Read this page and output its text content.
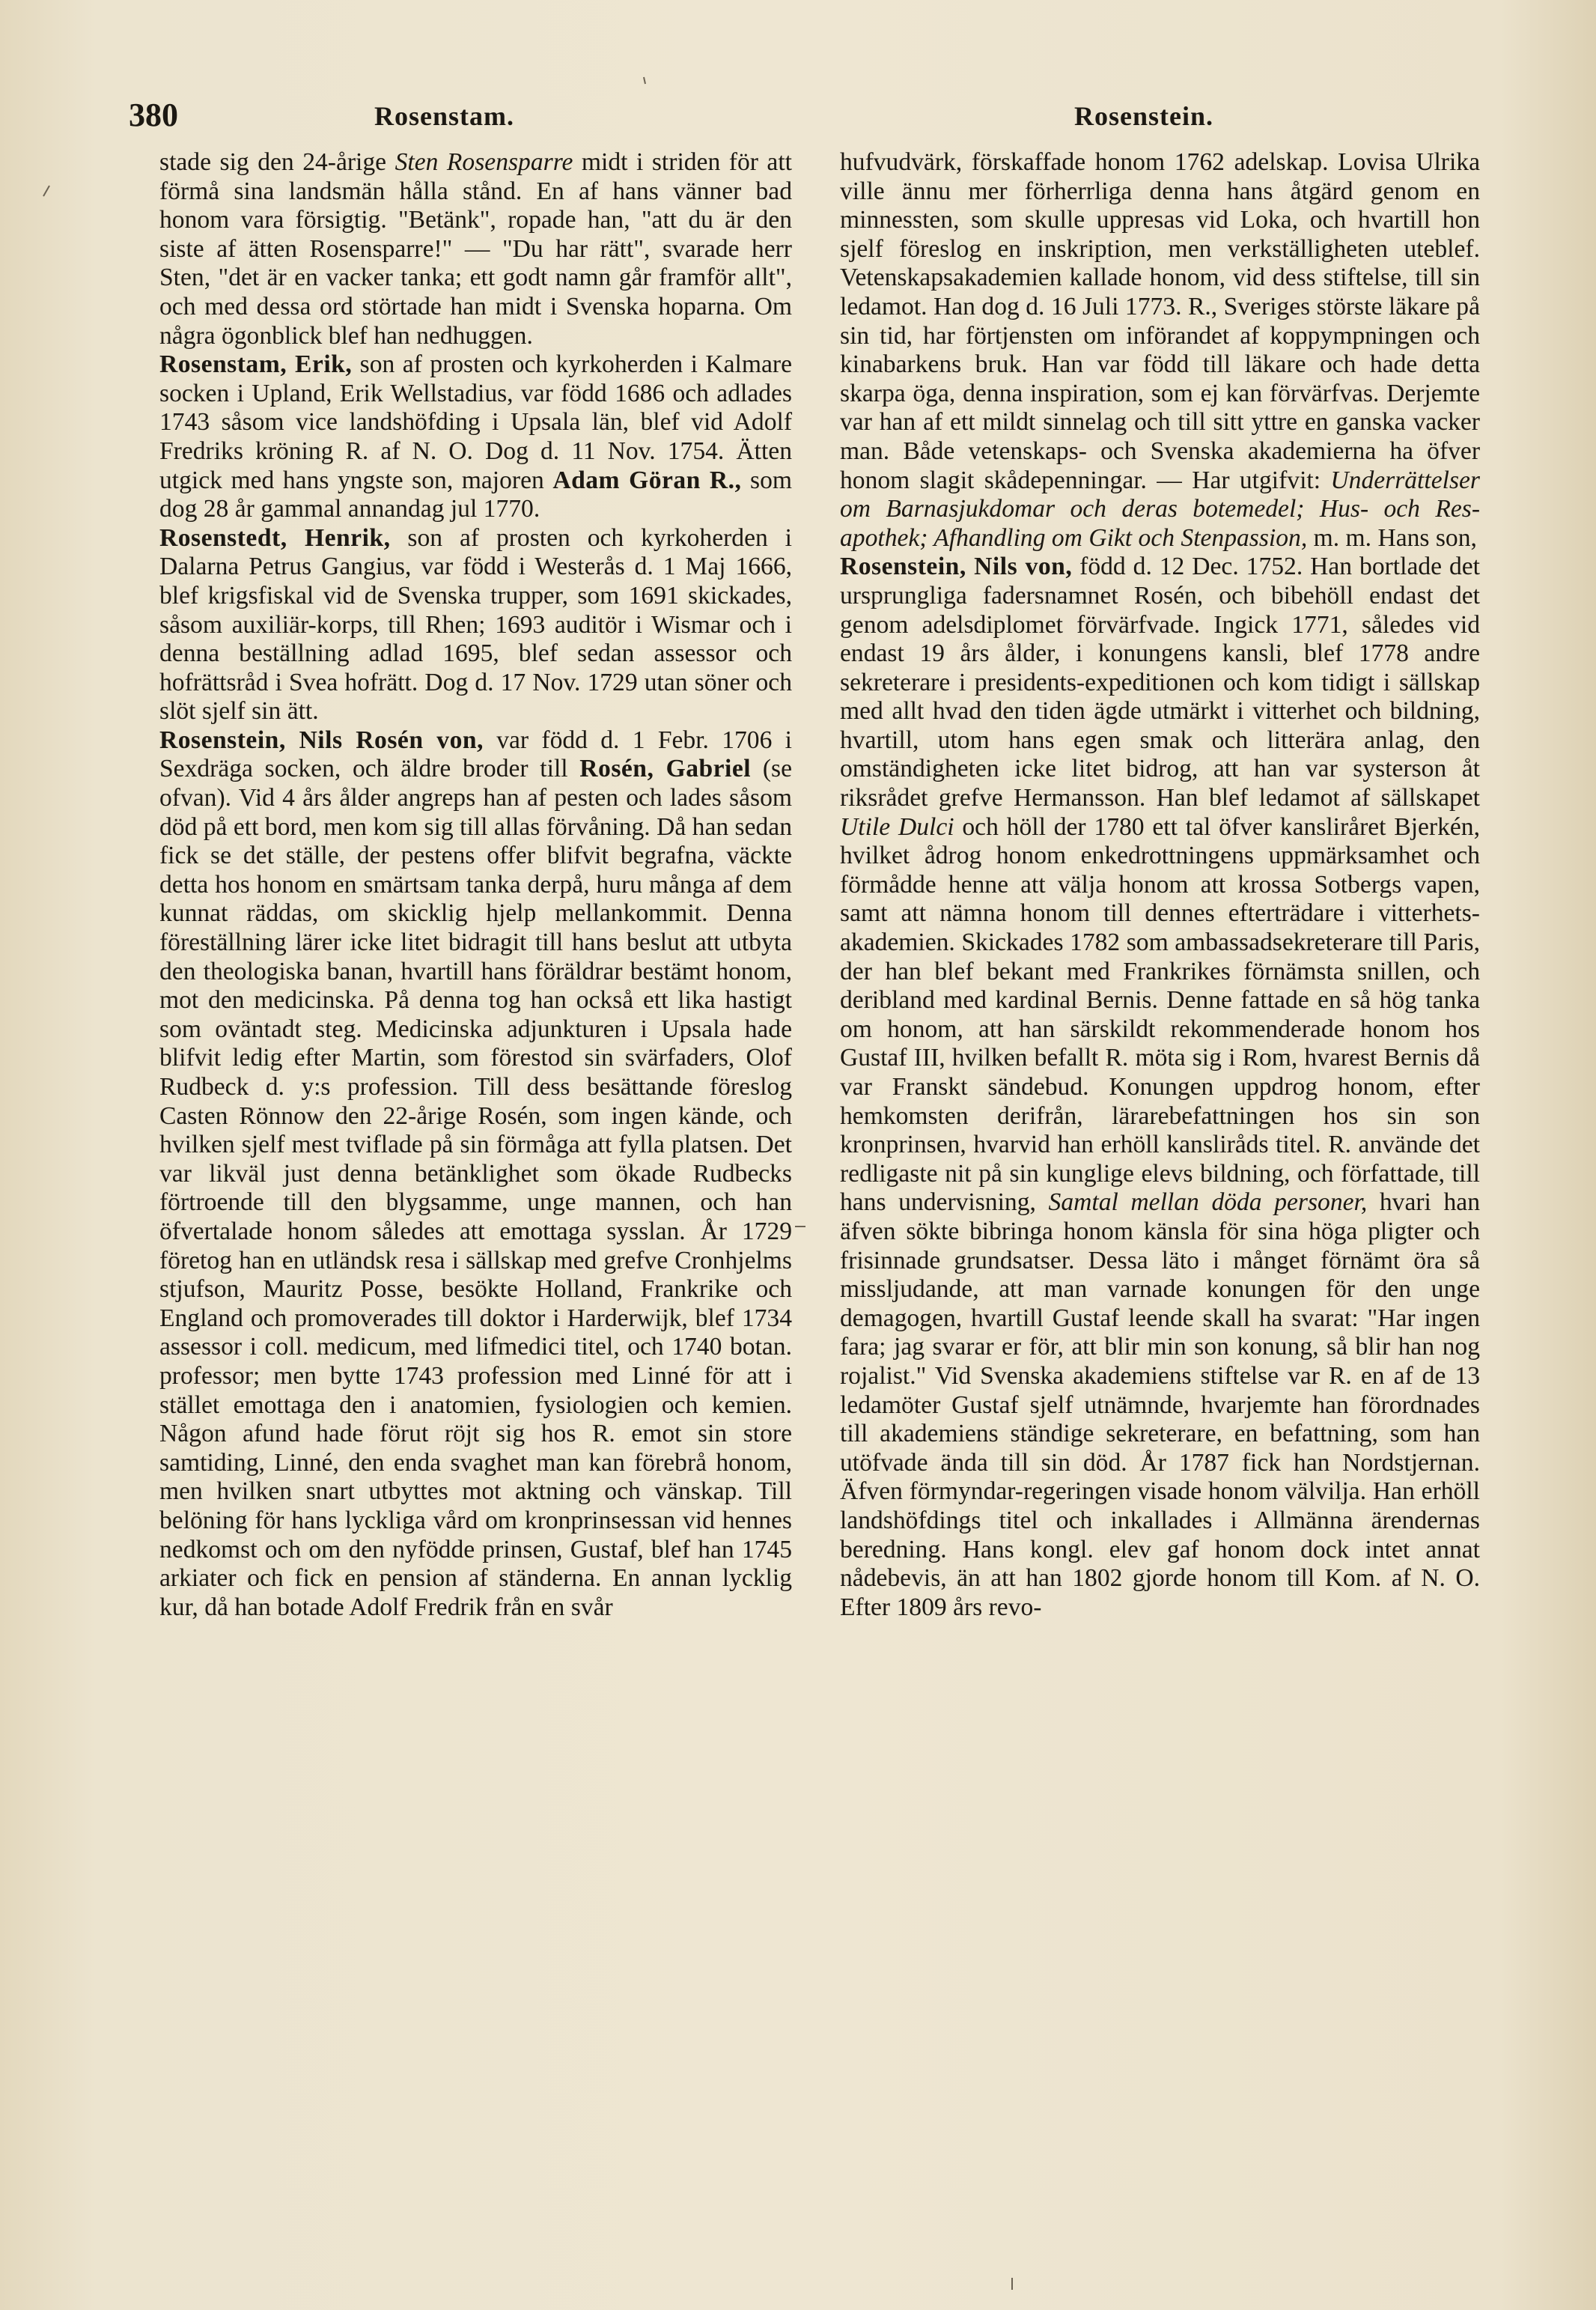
380	Rosenstam.	Rosenstein.

stade sig den 24-årige Sten Rosensparre midt i striden för att förmå sina landsmän hålla stånd. En af hans vänner bad honom vara försigtig. "Betänk", ropade han, "att du är den siste af ätten Rosensparre!" — "Du har rätt", svarade herr Sten, "det är en vacker tanka; ett godt namn går framför allt", och med dessa ord störtade han midt i Svenska hoparna. Om några ögonblick blef han nedhuggen.

Rosenstam, Erik, son af prosten och kyrkoherden i Kalmare socken i Upland, Erik Wellstadius, var född 1686 och adlades 1743 såsom vice landshöfding i Upsala län, blef vid Adolf Fredriks kröning R. af N. O. Dog d. 11 Nov. 1754. Ätten utgick med hans yngste son, majoren Adam Göran R., som dog 28 år gammal annandag jul 1770.

Rosenstedt, Henrik, son af prosten och kyrkoherden i Dalarna Petrus Gangius, var född i Westerås d. 1 Maj 1666, blef krigsfiskal vid de Svenska trupper, som 1691 skickades, såsom auxiliär-korps, till Rhen; 1693 auditör i Wismar och i denna beställning adlad 1695, blef sedan assessor och hofrättsråd i Svea hofrätt. Dog d. 17 Nov. 1729 utan söner och slöt sjelf sin ätt.

Rosenstein, Nils Rosén von, var född d. 1 Febr. 1706 i Sexdräga socken, och äldre broder till Rosén, Gabriel (se ofvan). Vid 4 års ålder angreps han af pesten och lades såsom död på ett bord, men kom sig till allas förvåning. Då han sedan fick se det ställe, der pestens offer blifvit begrafna, väckte detta hos honom en smärtsam tanka derpå, huru många af dem kunnat räddas, om skicklig hjelp mellankommit. Denna föreställning lärer icke litet bidragit till hans beslut att utbyta den theologiska banan, hvartill hans föräldrar bestämt honom, mot den medicinska. På denna tog han också ett lika hastigt som oväntadt steg. Medicinska adjunkturen i Upsala hade blifvit ledig efter Martin, som förestod sin svärfaders, Olof Rudbeck d. y:s profession. Till dess besättande föreslog Casten Rönnow den 22-årige Rosén, som ingen kände, och hvilken sjelf mest tviflade på sin förmåga att fylla platsen. Det var likväl just denna betänklighet som ökade Rudbecks förtroende till den blygsamme, unge mannen, och han öfvertalade honom således att emottaga sysslan. År 1729 företog han en utländsk resa i sällskap med grefve Cronhjelms stjufson, Mauritz Posse, besökte Holland, Frankrike och England och promoverades till doktor i Harderwijk, blef 1734 assessor i coll. medicum, med lifmedici titel, och 1740 botan. professor; men bytte 1743 profession med Linné för att i stället emottaga den i anatomien, fysiologien och kemien. Någon afund hade förut röjt sig hos R. emot sin store samtiding, Linné, den enda svaghet man kan förebrå honom, men hvilken snart utbyttes mot aktning och vänskap. Till belöning för hans lyckliga vård om kronprinsessan vid hennes nedkomst och om den nyfödde prinsen, Gustaf, blef han 1745 arkiater och fick en pension af ständerna. En annan lycklig kur, då han botade Adolf Fredrik från en svår

hufvudvärk, förskaffade honom 1762 adelskap. Lovisa Ulrika ville ännu mer förherrliga denna hans åtgärd genom en minnessten, som skulle uppresas vid Loka, och hvartill hon sjelf föreslog en inskription, men verkställigheten uteblef. Vetenskapsakademien kallade honom, vid dess stiftelse, till sin ledamot. Han dog d. 16 Juli 1773. R., Sveriges störste läkare på sin tid, har förtjensten om införandet af koppympningen och kinabarkens bruk. Han var född till läkare och hade detta skarpa öga, denna inspiration, som ej kan förvärfvas. Derjemte var han af ett mildt sinnelag och till sitt yttre en ganska vacker man. Både vetenskaps- och Svenska akademierna ha öfver honom slagit skådepenningar. — Har utgifvit: Underrättelser om Barnasjukdomar och deras botemedel; Hus- och Res-apothek; Afhandling om Gikt och Stenpassion, m. m. Hans son,

Rosenstein, Nils von, född d. 12 Dec. 1752. Han bortlade det ursprungliga fadersnamnet Rosén, och bibehöll endast det genom adelsdiplomet förvärfvade. Ingick 1771, således vid endast 19 års ålder, i konungens kansli, blef 1778 andre sekreterare i presidents-expeditionen och kom tidigt i sällskap med allt hvad den tiden ägde utmärkt i vitterhet och bildning, hvartill, utom hans egen smak och litterära anlag, den omständigheten icke litet bidrog, att han var systerson åt riksrådet grefve Hermansson. Han blef ledamot af sällskapet Utile Dulci och höll der 1780 ett tal öfver kansliråret Bjerkén, hvilket ådrog honom enkedrottningens uppmärksamhet och förmådde henne att välja honom att krossa Sotbergs vapen, samt att nämna honom till dennes efterträdare i vitterhets-akademien. Skickades 1782 som ambassadsekreterare till Paris, der han blef bekant med Frankrikes förnämsta snillen, och deribland med kardinal Bernis. Denne fattade en så hög tanka om honom, att han särskildt rekommenderade honom hos Gustaf III, hvilken befallt R. möta sig i Rom, hvarest Bernis då var Franskt sändebud. Konungen uppdrog honom, efter hemkomsten derifrån, lärarebefattningen hos sin son kronprinsen, hvarvid han erhöll kansliråds titel. R. använde det redligaste nit på sin kunglige elevs bildning, och författade, till hans undervisning, Samtal mellan döda personer, hvari han äfven sökte bibringa honom känsla för sina höga pligter och frisinnade grundsatser. Dessa läto i månget förnämt öra så missljudande, att man varnade konungen för den unge demagogen, hvartill Gustaf leende skall ha svarat: "Har ingen fara; jag svarar er för, att blir min son konung, så blir han nog rojalist." Vid Svenska akademiens stiftelse var R. en af de 13 ledamöter Gustaf sjelf utnämnde, hvarjemte han förordnades till akademiens ständige sekreterare, en befattning, som han utöfvade ända till sin död. År 1787 fick han Nordstjernan. Äfven förmyndar-regeringen visade honom välvilja. Han erhöll landshöfdings titel och inkallades i Allmänna ärendernas beredning. Hans kongl. elev gaf honom dock intet annat nådebevis, än att han 1802 gjorde honom till Kom. af N. O. Efter 1809 års revo-
